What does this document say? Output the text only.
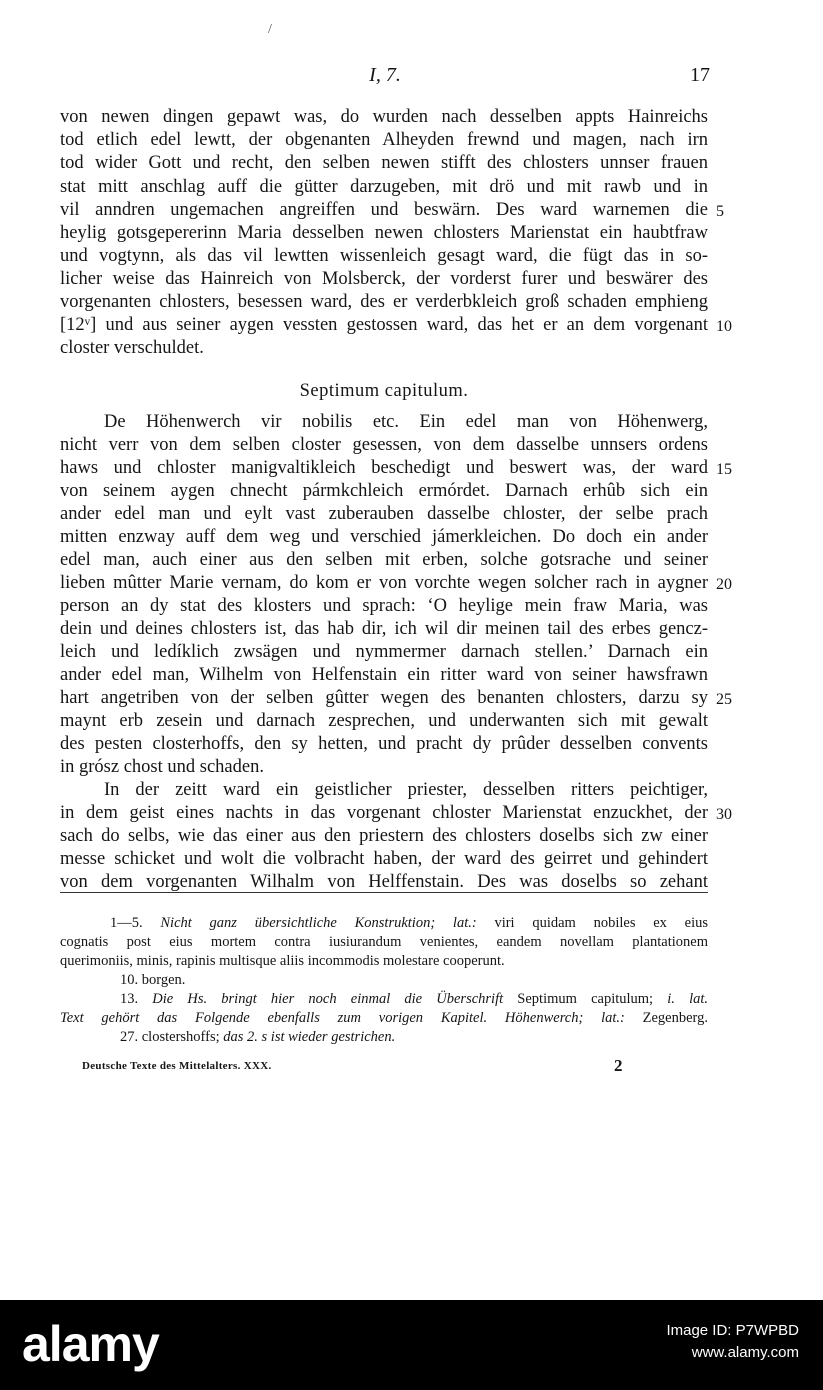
/
I, 7.	17
von newen dingen gepawt was, do wurden nach desselben appts Hainreichs
tod etlich edel lewtt, der obgenanten Alheyden frewnd und magen, nach irn
tod wider Gott und recht, den selben newen stifft des chlosters unnser frauen
stat mitt anschlag auff die gütter darzugeben, mit drö und mit rawb und in
vil anndren ungemachen angreiffen und beswärn. Des ward warnemen die
heylig gotsgepererinn Maria desselben newen chlosters Marienstat ein haubtfraw
und vogtynn, als das vil lewtten wissenleich gesagt ward, die fügt das in so-
licher weise das Hainreich von Molsberck, der vorderst furer und beswärer des
vorgenanten chlosters, besessen ward, des er verderbkleich groß schaden emphieng
[12ᵛ] und aus seiner aygen vessten gestossen ward, das het er an dem vorgenant
closter verschuldet.
Septimum capitulum.
De Höhenwerch vir nobilis etc. Ein edel man von Höhenwerg,
nicht verr von dem selben closter gesessen, von dem dasselbe unnsers ordens
haws und chloster manigvaltikleich beschedigt und beswert was, der ward
von seinem aygen chnecht pármkchleich ermórdet. Darnach erhûb sich ein
ander edel man und eylt vast zuberauben dasselbe chloster, der selbe prach
mitten enzway auff dem weg und verschied jámerkleichen. Do doch ein ander
edel man, auch einer aus den selben mit erben, solche gotsrache und seiner
lieben mûtter Marie vernam, do kom er von vorchte wegen solcher rach in aygner
person an dy stat des klosters und sprach: ‘O heylige mein fraw Maria, was
dein und deines chlosters ist, das hab dir, ich wil dir meinen tail des erbes gencz-
leich und ledíklich zwsägen und nymmermer darnach stellen.’ Darnach ein
ander edel man, Wilhelm von Helfenstain ein ritter ward von seiner hawsfrawn
hart angetriben von der selben gûtter wegen des benanten chlosters, darzu sy
maynt erb zesein und darnach zesprechen, und underwanten sich mit gewalt
des pesten closterhoffs, den sy hetten, und pracht dy prûder desselben convents
in grósz chost und schaden.
In der zeitt ward ein geistlicher priester, desselben ritters peichtiger,
in dem geist eines nachts in das vorgenant chloster Marienstat enzuckhet, der
sach do selbs, wie das einer aus den priestern des chlosters doselbs sich zw einer
messe schicket und wolt die volbracht haben, der ward des geirret und gehindert
von dem vorgenanten Wilhalm von Helffenstain. Des was doselbs so zehant
5
10
15
20
25
30
1—5. Nicht ganz übersichtliche Konstruktion; lat.: viri quidam nobiles ex eius
cognatis post eius mortem contra iusiurandum venientes, eandem novellam plantationem
querimoniis, minis, rapinis multisque aliis incommodis molestare cooperunt.
10. borgen.
13. Die Hs. bringt hier noch einmal die Überschrift Septimum capitulum; i. lat.
Text gehört das Folgende ebenfalls zum vorigen Kapitel. Höhenwerch; lat.: Zegenberg.
27. clostershoffs; das 2. s ist wieder gestrichen.
Deutsche Texte des Mittelalters. XXX.	2
alamy	Image ID: P7WPBD
www.alamy.com
